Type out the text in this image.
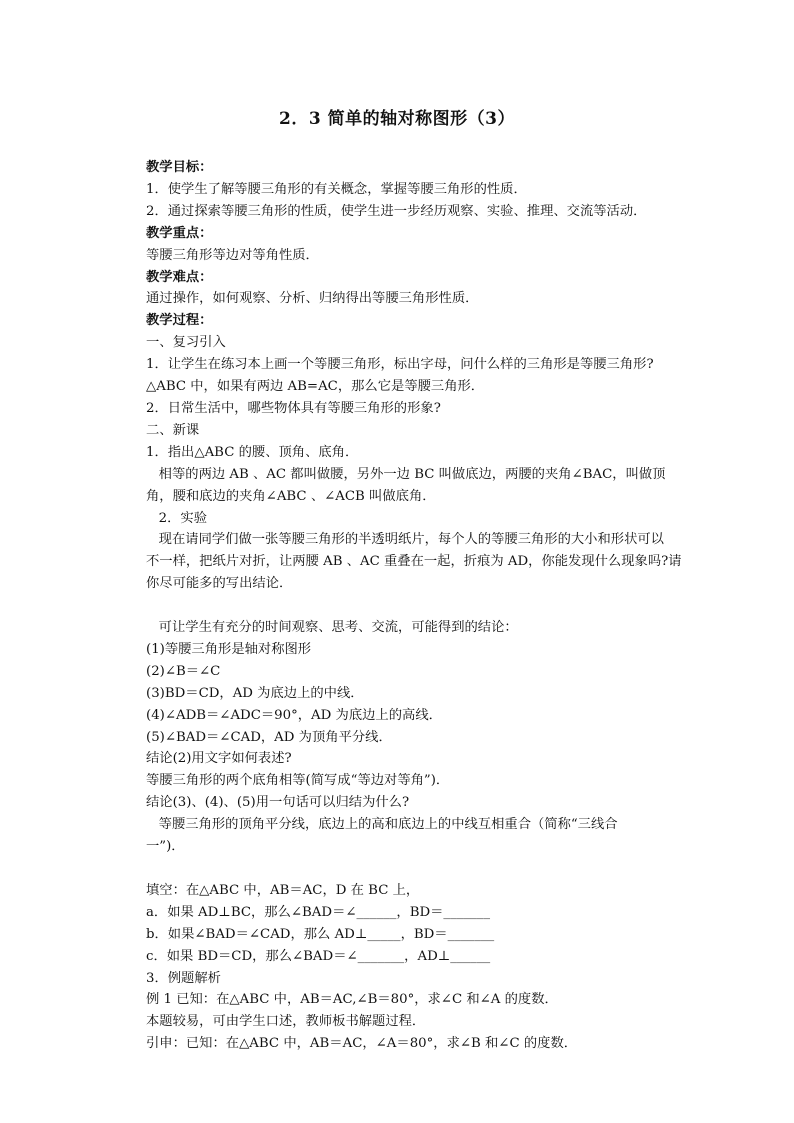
2．3 简单的轴对称图形（3）

教学目标：

1．使学生了解等腰三角形的有关概念，掌握等腰三角形的性质．

2．通过探索等腰三角形的性质，使学生进一步经历观察、实验、推理、交流等活动．

教学重点：

等腰三角形等边对等角性质．

教学难点：

通过操作，如何观察、分析、归纳得出等腰三角形性质．

教学过程：

一、复习引入

1．让学生在练习本上画一个等腰三角形，标出字母，问什么样的三角形是等腰三角形?

△ABC 中，如果有两边 AB=AC，那么它是等腰三角形．

2．日常生活中，哪些物体具有等腰三角形的形象?

二、新课

1．指出△ABC 的腰、顶角、底角．

相等的两边 AB 、AC 都叫做腰，另外一边 BC 叫做底边，两腰的夹角∠BAC，叫做顶

角，腰和底边的夹角∠ABC 、∠ACB 叫做底角．

2．实验

现在请同学们做一张等腰三角形的半透明纸片，每个人的等腰三角形的大小和形状可以

不一样，把纸片对折，让两腰 AB 、AC 重叠在一起，折痕为 AD，你能发现什么现象吗?请

你尽可能多的写出结论．

可让学生有充分的时间观察、思考、交流，可能得到的结论：

(1)等腰三角形是轴对称图形

(2)∠B＝∠C

(3)BD＝CD，AD 为底边上的中线．

(4)∠ADB＝∠ADC＝90°，AD 为底边上的高线．

(5)∠BAD＝∠CAD，AD 为顶角平分线．

结论(2)用文字如何表述?

等腰三角形的两个底角相等(简写成“等边对等角”)．

结论(3)、(4)、(5)用一句话可以归结为什么?

等腰三角形的顶角平分线，底边上的高和底边上的中线互相重合（简称“三线合

一”)．

填空：在△ABC 中，AB＝AC，D 在 BC 上，

a．如果 AD⊥BC，那么∠BAD＝∠______，BD＝_______

b．如果∠BAD＝∠CAD，那么 AD⊥_____，BD＝_______

c．如果 BD＝CD，那么∠BAD＝∠_______，AD⊥______

3．例题解析

例 1 已知：在△ABC 中，AB＝AC,∠B＝80°，求∠C 和∠A 的度数．

本题较易，可由学生口述，教师板书解题过程．

引申：已知：在△ABC 中，AB＝AC，∠A＝80°，求∠B 和∠C 的度数．
